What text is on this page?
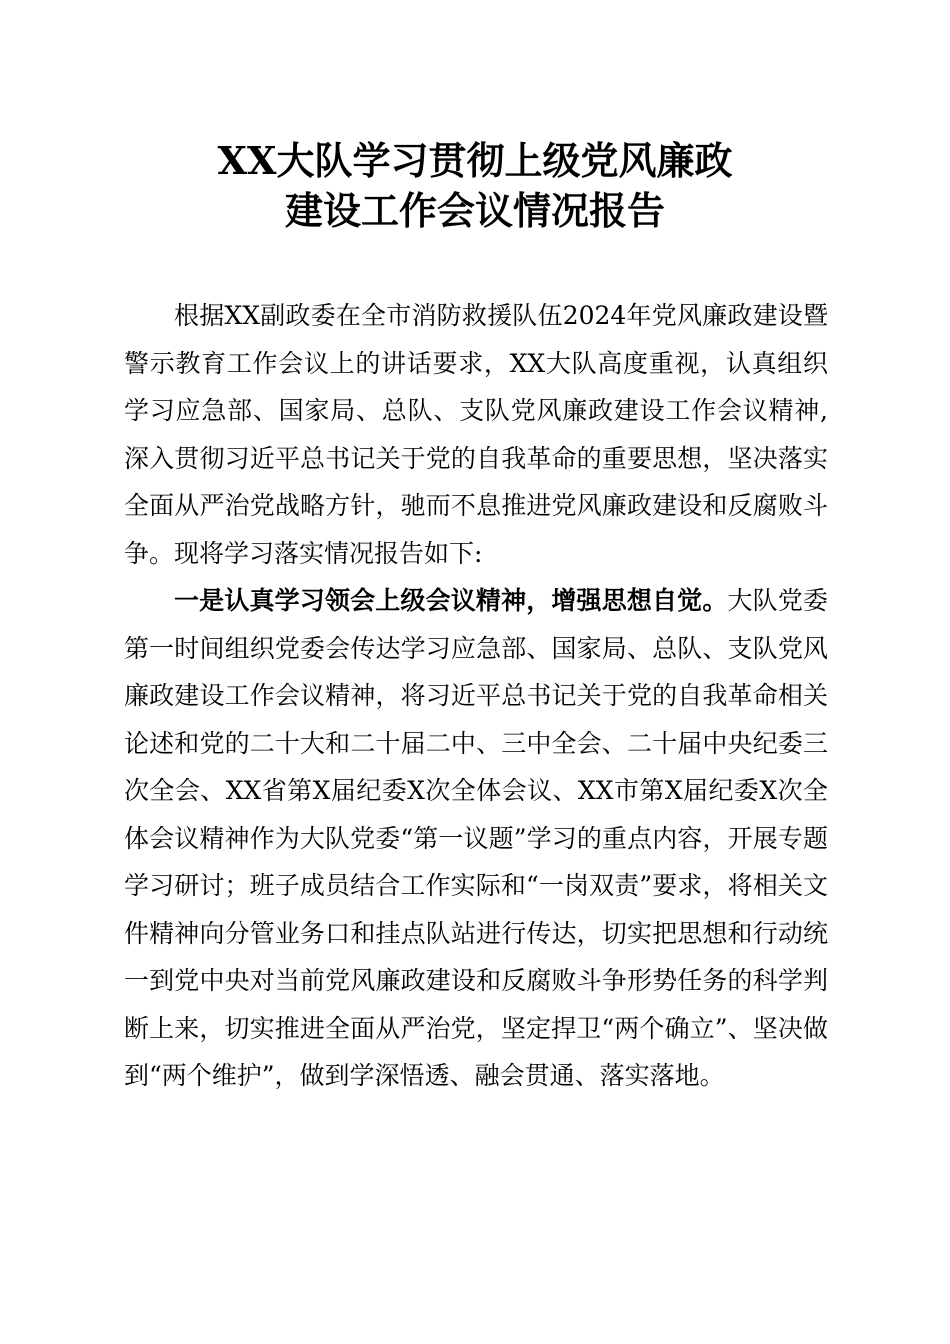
XX大队学习贯彻上级党风廉政
建设工作会议情况报告

根据XX副政委在全市消防救援队伍2024年党风廉政建设暨警示教育工作会议上的讲话要求，XX大队高度重视，认真组织学习应急部、国家局、总队、支队党风廉政建设工作会议精神,深入贯彻习近平总书记关于党的自我革命的重要思想，坚决落实全面从严治党战略方针，驰而不息推进党风廉政建设和反腐败斗争。现将学习落实情况报告如下:

一是认真学习领会上级会议精神，增强思想自觉。大队党委第一时间组织党委会传达学习应急部、国家局、总队、支队党风廉政建设工作会议精神，将习近平总书记关于党的自我革命相关论述和党的二十大和二十届二中、三中全会、二十届中央纪委三次全会、XX省第X届纪委X次全体会议、XX市第X届纪委X次全体会议精神作为大队党委“第一议题”学习的重点内容，开展专题学习研讨；班子成员结合工作实际和“一岗双责”要求，将相关文件精神向分管业务口和挂点队站进行传达，切实把思想和行动统一到党中央对当前党风廉政建设和反腐败斗争形势任务的科学判断上来，切实推进全面从严治党，坚定捍卫“两个确立”、坚决做到“两个维护”，做到学深悟透、融会贯通、落实落地。
